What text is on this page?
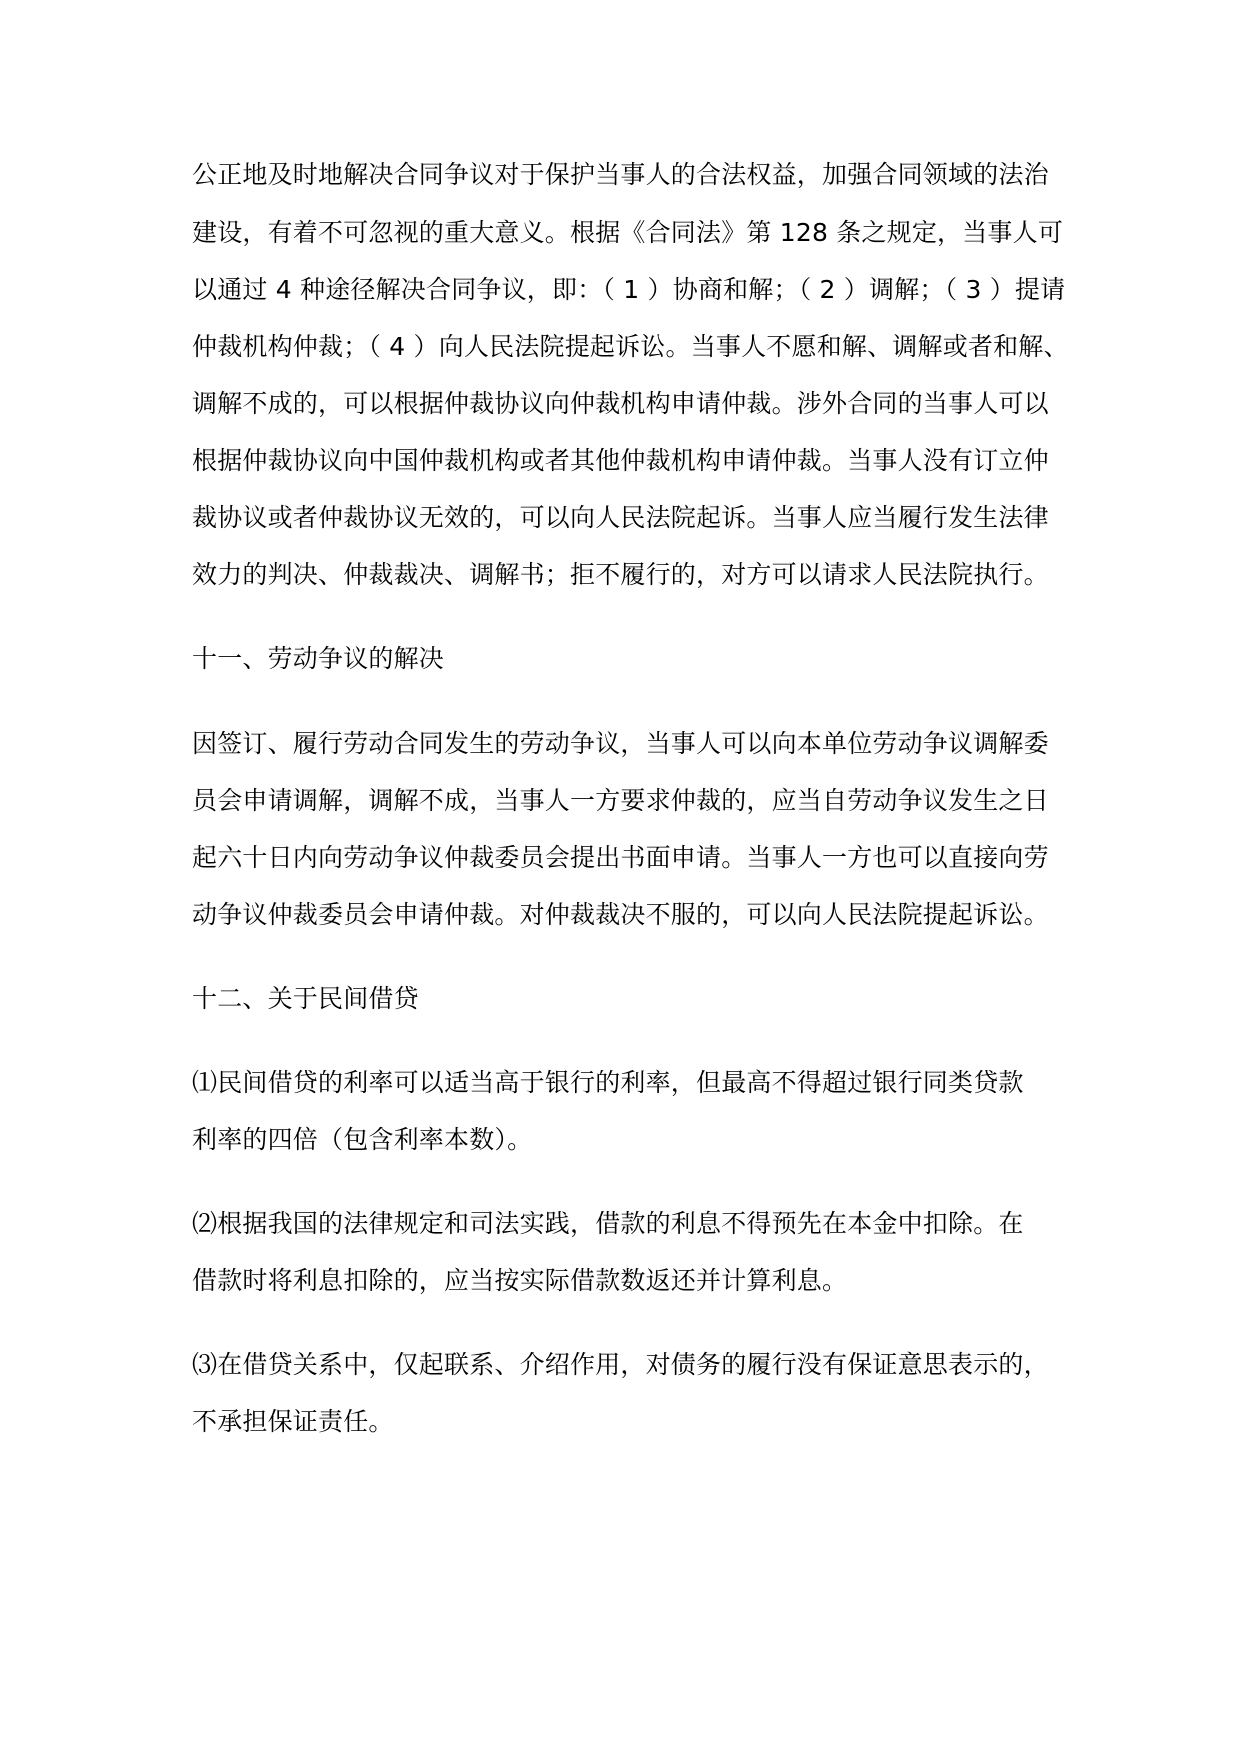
公正地及时地解决合同争议对于保护当事人的合法权益，加强合同领域的法治
建设，有着不可忽视的重大意义。根据《合同法》第 128 条之规定，当事人可
以通过 4 种途径解决合同争议，即：（ 1 ）协商和解；（ 2 ）调解；（ 3 ）提请
仲裁机构仲裁；（ 4 ）向人民法院提起诉讼。当事人不愿和解、调解或者和解、
调解不成的，可以根据仲裁协议向仲裁机构申请仲裁。涉外合同的当事人可以
根据仲裁协议向中国仲裁机构或者其他仲裁机构申请仲裁。当事人没有订立仲
裁协议或者仲裁协议无效的，可以向人民法院起诉。当事人应当履行发生法律
效力的判决、仲裁裁决、调解书；拒不履行的，对方可以请求人民法院执行。
十一、劳动争议的解决
因签订、履行劳动合同发生的劳动争议，当事人可以向本单位劳动争议调解委
员会申请调解，调解不成，当事人一方要求仲裁的，应当自劳动争议发生之日
起六十日内向劳动争议仲裁委员会提出书面申请。当事人一方也可以直接向劳
动争议仲裁委员会申请仲裁。对仲裁裁决不服的，可以向人民法院提起诉讼。
十二、关于民间借贷
⑴民间借贷的利率可以适当高于银行的利率，但最高不得超过银行同类贷款
利率的四倍（包含利率本数）。
⑵根据我国的法律规定和司法实践，借款的利息不得预先在本金中扣除。在
借款时将利息扣除的，应当按实际借款数返还并计算利息。
⑶在借贷关系中，仅起联系、介绍作用，对债务的履行没有保证意思表示的，
不承担保证责任。
